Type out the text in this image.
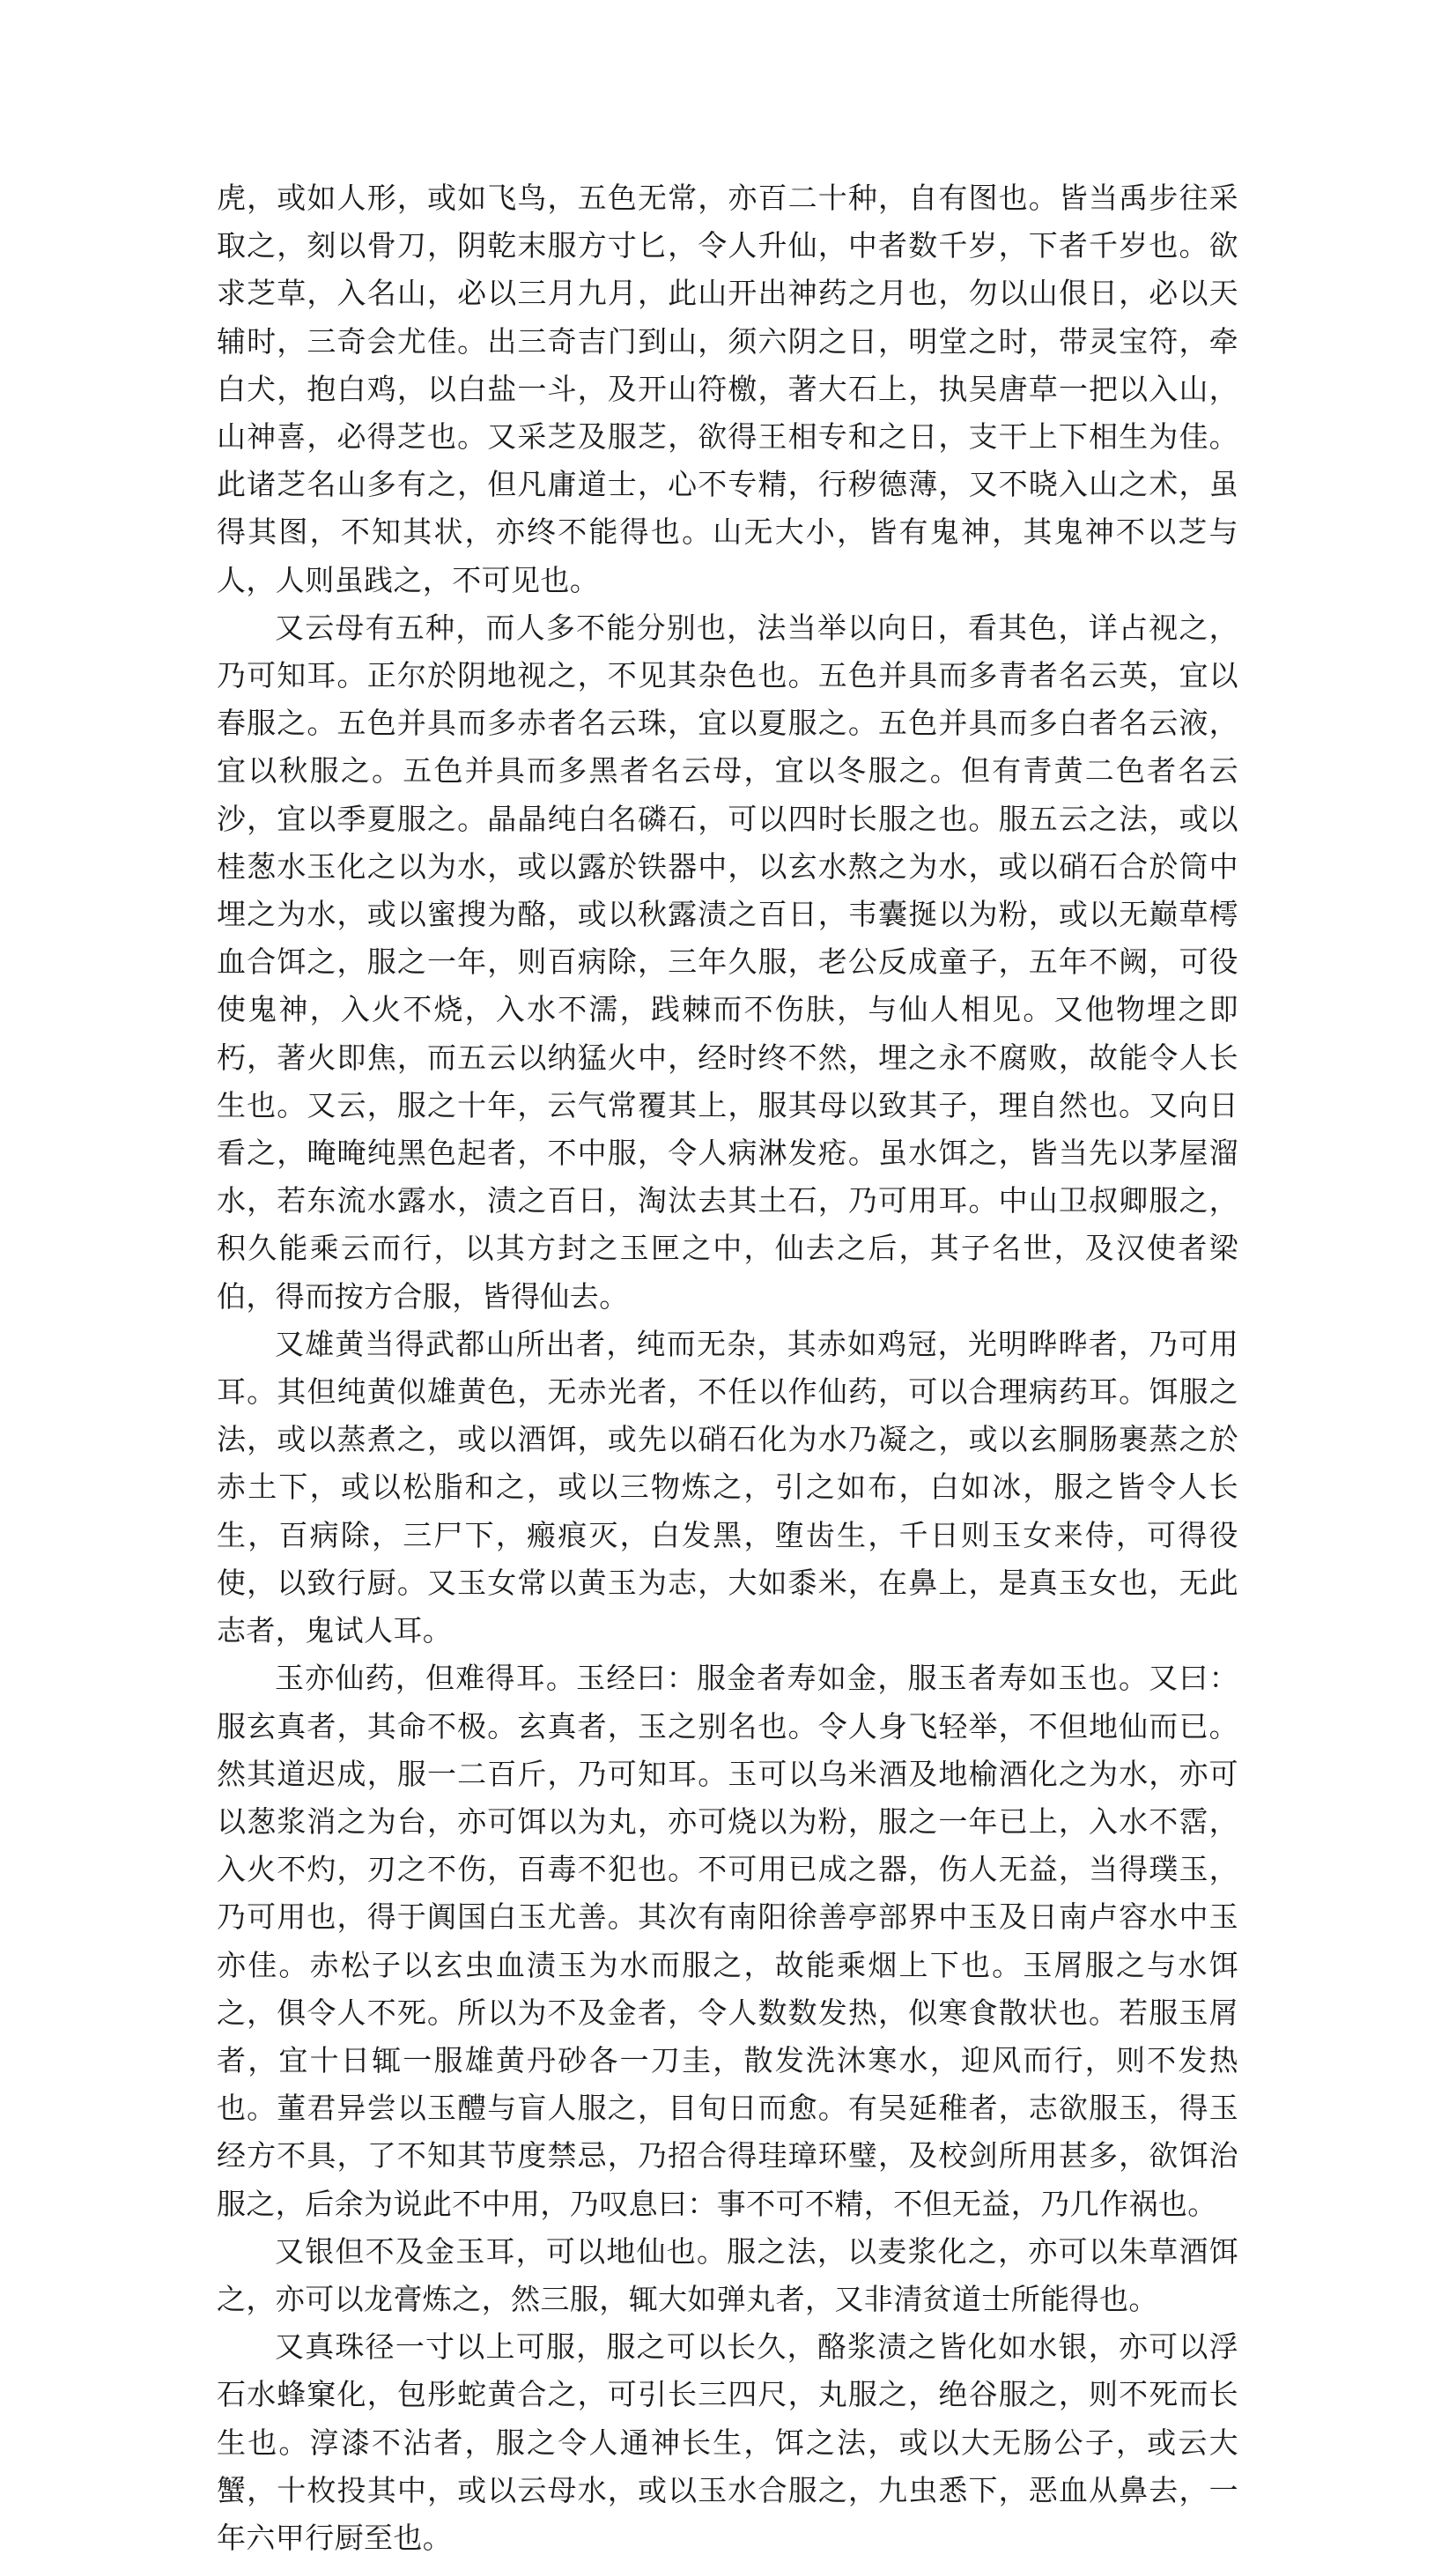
虎，或如人形，或如飞鸟，五色无常，亦百二十种，自有图也。皆当禹步往采取之，刻以骨刀，阴乾末服方寸匕，令人升仙，中者数千岁，下者千岁也。欲求芝草，入名山，必以三月九月，此山开出神药之月也，勿以山佷日，必以天辅时，三奇会尤佳。出三奇吉门到山，须六阴之日，明堂之时，带灵宝符，牵白犬，抱白鸡，以白盐一斗，及开山符檄，著大石上，执吴唐草一把以入山，山神喜，必得芝也。又采芝及服芝，欲得王相专和之日，支干上下相生为佳。此诸芝名山多有之，但凡庸道士，心不专精，行秽德薄，又不晓入山之术，虽得其图，不知其状，亦终不能得也。山无大小，皆有鬼神，其鬼神不以芝与人，人则虽践之，不可见也。

又云母有五种，而人多不能分别也，法当举以向日，看其色，详占视之，乃可知耳。正尔於阴地视之，不见其杂色也。五色并具而多青者名云英，宜以春服之。五色并具而多赤者名云珠，宜以夏服之。五色并具而多白者名云液，宜以秋服之。五色并具而多黑者名云母，宜以冬服之。但有青黄二色者名云沙，宜以季夏服之。晶晶纯白名磷石，可以四时长服之也。服五云之法，或以桂葱水玉化之以为水，或以露於铁器中，以玄水熬之为水，或以硝石合於筒中埋之为水，或以蜜搜为酪，或以秋露渍之百日，韦囊挻以为粉，或以无巅草樗血合饵之，服之一年，则百病除，三年久服，老公反成童子，五年不阙，可役使鬼神，入火不烧，入水不濡，践棘而不伤肤，与仙人相见。又他物埋之即朽，著火即焦，而五云以纳猛火中，经时终不然，埋之永不腐败，故能令人长生也。又云，服之十年，云气常覆其上，服其母以致其子，理自然也。又向日看之，晻晻纯黑色起者，不中服，令人病淋发疮。虽水饵之，皆当先以茅屋溜水，若东流水露水，渍之百日，淘汰去其土石，乃可用耳。中山卫叔卿服之，积久能乘云而行，以其方封之玉匣之中，仙去之后，其子名世，及汉使者梁伯，得而按方合服，皆得仙去。

又雄黄当得武都山所出者，纯而无杂，其赤如鸡冠，光明晔晔者，乃可用耳。其但纯黄似雄黄色，无赤光者，不任以作仙药，可以合理病药耳。饵服之法，或以蒸煮之，或以酒饵，或先以硝石化为水乃凝之，或以玄胴肠裹蒸之於赤土下，或以松脂和之，或以三物炼之，引之如布，白如冰，服之皆令人长生，百病除，三尸下，瘢痕灭，白发黑，堕齿生，千日则玉女来侍，可得役使，以致行厨。又玉女常以黄玉为志，大如黍米，在鼻上，是真玉女也，无此志者，鬼试人耳。

玉亦仙药，但难得耳。玉经曰：服金者寿如金，服玉者寿如玉也。又曰：服玄真者，其命不极。玄真者，玉之别名也。令人身飞轻举，不但地仙而已。然其道迟成，服一二百斤，乃可知耳。玉可以乌米酒及地榆酒化之为水，亦可以葱浆消之为台，亦可饵以为丸，亦可烧以为粉，服之一年已上，入水不霑，入火不灼，刃之不伤，百毒不犯也。不可用已成之器，伤人无益，当得璞玉，乃可用也，得于阗国白玉尤善。其次有南阳徐善亭部界中玉及日南卢容水中玉亦佳。赤松子以玄虫血渍玉为水而服之，故能乘烟上下也。玉屑服之与水饵之，俱令人不死。所以为不及金者，令人数数发热，似寒食散状也。若服玉屑者，宜十日辄一服雄黄丹砂各一刀圭，散发洗沐寒水，迎风而行，则不发热也。董君异尝以玉醴与盲人服之，目旬日而愈。有吴延稚者，志欲服玉，得玉经方不具，了不知其节度禁忌，乃招合得珪璋环璧，及校剑所用甚多，欲饵治服之，后余为说此不中用，乃叹息曰：事不可不精，不但无益，乃几作祸也。

又银但不及金玉耳，可以地仙也。服之法，以麦浆化之，亦可以朱草酒饵之，亦可以龙膏炼之，然三服，辄大如弹丸者，又非清贫道士所能得也。

又真珠径一寸以上可服，服之可以长久，酪浆渍之皆化如水银，亦可以浮石水蜂窠化，包彤蛇黄合之，可引长三四尺，丸服之，绝谷服之，则不死而长生也。淳漆不沾者，服之令人通神长生，饵之法，或以大无肠公子，或云大蟹，十枚投其中，或以云母水，或以玉水合服之，九虫悉下，恶血从鼻去，一年六甲行厨至也。
